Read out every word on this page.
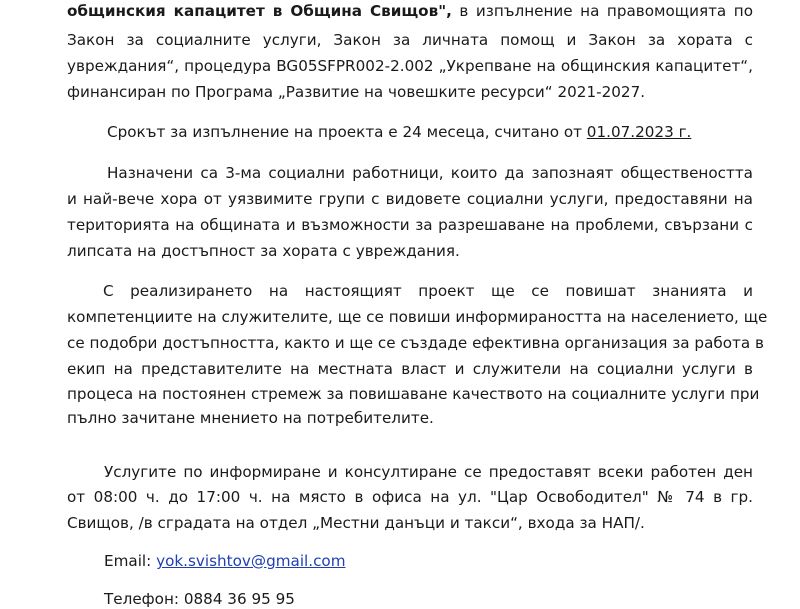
общинския капацитет в Община Свищов", в изпълнение на правомощията по
Закон за социалните услуги, Закон за личната помощ и Закон за хората с
увреждания“, процедура BG05SFPR002-2.002 „Укрепване на общинския капацитет“,
финансиран по Програма „Развитие на човешките ресурси“ 2021-2027.
Срокът за изпълнение на проекта е 24 месеца, считано от 01.07.2023 г.
Назначени са 3-ма социални работници, които да запознаят обществеността
и най-вече хора от уязвимите групи с видовете социални услуги, предоставяни на
територията на общината и възможности за разрешаване на проблеми, свързани с
липсата на достъпност за хората с увреждания.
С реализирането на настоящият проект ще се повишат знанията и
компетенциите на служителите, ще се повиши информираността на населението, ще
се подобри достъпността, както и ще се създаде ефективна организация за работа в
екип на представителите на местната власт и служители на социални услуги в
процеса на постоянен стремеж за повишаване качеството на социалните услуги при
пълно зачитане мнението на потребителите.
Услугите по информиране и консултиране се предоставят всеки работен ден
от 08:00 ч. до 17:00 ч. на място в офиса на ул. "Цар Освободител" № 74 в гр.
Свищов, /в сградата на отдел „Местни данъци и такси“, входа за НАП/.
Email: yok.svishtov@gmail.com
Телефон: 0884 36 95 95
